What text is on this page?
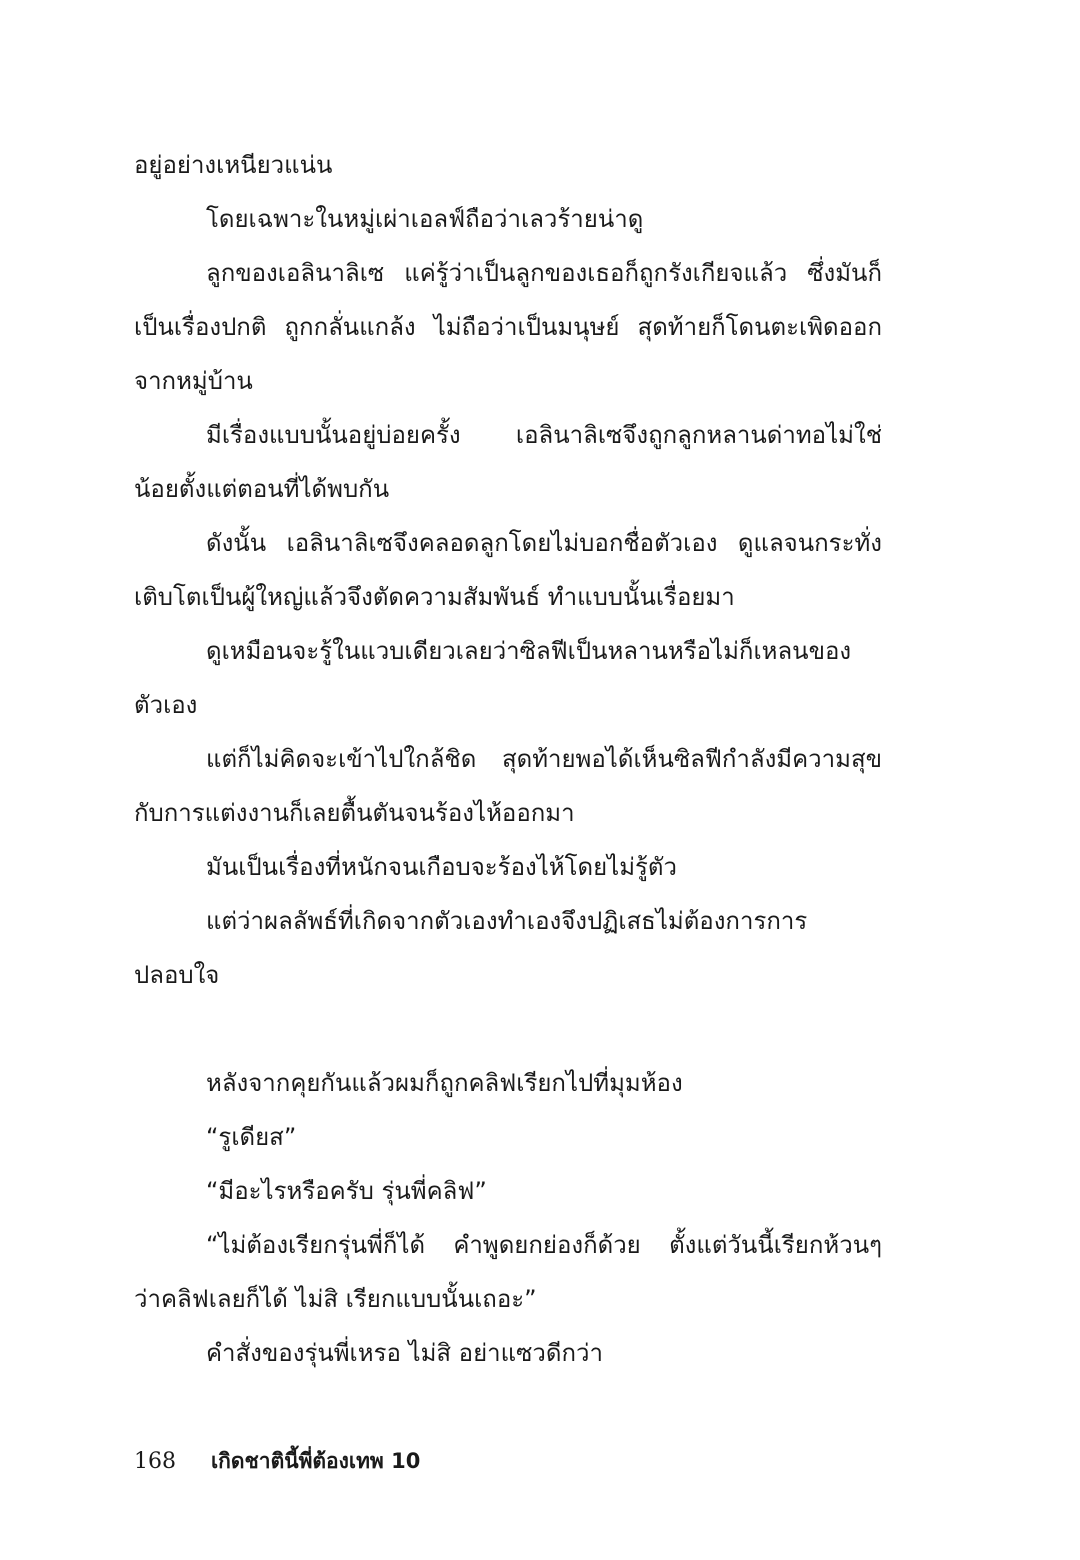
อยู่อย่างเหนียวแน่น
โดยเฉพาะในหมู่เผ่าเอลฟ์ถือว่าเลวร้ายน่าดู
ลูกของเอลินาลิเซ แค่รู้ว่าเป็นลูกของเธอก็ถูกรังเกียจแล้ว ซึ่งมันก็
เป็นเรื่องปกติ ถูกกลั่นแกล้ง ไม่ถือว่าเป็นมนุษย์ สุดท้ายก็โดนตะเพิดออก
จากหมู่บ้าน
มีเรื่องแบบนั้นอยู่บ่อยครั้ง เอลินาลิเซจึงถูกลูกหลานด่าทอไม่ใช่
น้อยตั้งแต่ตอนที่ได้พบกัน
ดังนั้น เอลินาลิเซจึงคลอดลูกโดยไม่บอกชื่อตัวเอง ดูแลจนกระทั่ง
เติบโตเป็นผู้ใหญ่แล้วจึงตัดความสัมพันธ์ ทำแบบนั้นเรื่อยมา
ดูเหมือนจะรู้ในแวบเดียวเลยว่าซิลฟีเป็นหลานหรือไม่ก็เหลนของ
ตัวเอง
แต่ก็ไม่คิดจะเข้าไปใกล้ชิด สุดท้ายพอได้เห็นซิลฟีกำลังมีความสุข
กับการแต่งงานก็เลยตื้นตันจนร้องไห้ออกมา
มันเป็นเรื่องที่หนักจนเกือบจะร้องไห้โดยไม่รู้ตัว
แต่ว่าผลลัพธ์ที่เกิดจากตัวเองทำเองจึงปฏิเสธไม่ต้องการการ
ปลอบใจ
หลังจากคุยกันแล้วผมก็ถูกคลิฟเรียกไปที่มุมห้อง
“รูเดียส”
“มีอะไรหรือครับ รุ่นพี่คลิฟ”
“ไม่ต้องเรียกรุ่นพี่ก็ได้ คำพูดยกย่องก็ด้วย ตั้งแต่วันนี้เรียกห้วนๆ
ว่าคลิฟเลยก็ได้ ไม่สิ เรียกแบบนั้นเถอะ”
คำสั่งของรุ่นพี่เหรอ ไม่สิ อย่าแซวดีกว่า
168 เกิดชาตินี้พี่ต้องเทพ 10
